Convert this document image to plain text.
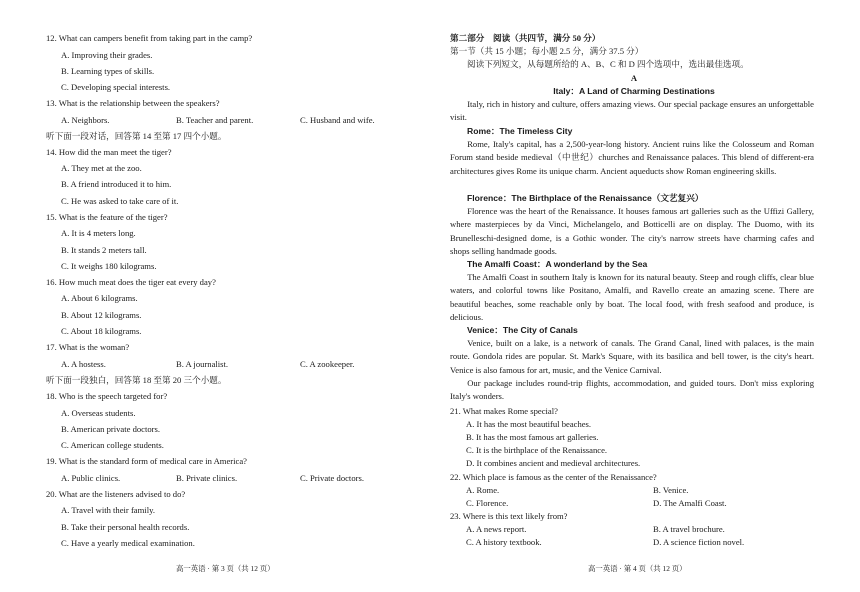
12. What can campers benefit from taking part in the camp?
A. Improving their grades.
B. Learning types of skills.
C. Developing special interests.
13. What is the relationship between the speakers?
A. Neighbors.	B. Teacher and parent.	C. Husband and wife.
听下面一段对话，回答第 14 至第 17 四个小题。
14. How did the man meet the tiger?
A. They met at the zoo.
B. A friend introduced it to him.
C. He was asked to take care of it.
15. What is the feature of the tiger?
A. It is 4 meters long.
B. It stands 2 meters tall.
C. It weighs 180 kilograms.
16. How much meat does the tiger eat every day?
A. About 6 kilograms.
B. About 12 kilograms.
C. About 18 kilograms.
17. What is the woman?
A. A hostess.	B. A journalist.	C. A zookeeper.
听下面一段独白，回答第 18 至第 20 三个小题。
18. Who is the speech targeted for?
A. Overseas students.
B. American private doctors.
C. American college students.
19. What is the standard form of medical care in America?
A. Public clinics.	B. Private clinics.	C. Private doctors.
20. What are the listeners advised to do?
A. Travel with their family.
B. Take their personal health records.
C. Have a yearly medical examination.
高一英语 · 第 3 页（共 12 页）
第二部分　阅读（共四节，满分 50 分）
第一节（共 15 小题；每小题 2.5 分，满分 37.5 分）
阅读下列短文，从每题所给的 A、B、C 和 D 四个选项中，选出最佳选项。
A
Italy：A Land of Charming Destinations
Italy, rich in history and culture, offers amazing views. Our special package ensures an unforgettable visit.
Rome：The Timeless City
Rome, Italy's capital, has a 2,500-year-long history. Ancient ruins like the Colosseum and Roman Forum stand beside medieval（中世纪）churches and Renaissance palaces. This blend of different-era architectures gives Rome its unique charm. Ancient aqueducts show Roman engineering skills.
Florence：The Birthplace of the Renaissance（文艺复兴）
Florence was the heart of the Renaissance. It houses famous art galleries such as the Uffizi Gallery, where masterpieces by da Vinci, Michelangelo, and Botticelli are on display. The Duomo, with its Brunelleschi-designed dome, is a Gothic wonder. The city's narrow streets have charming cafes and shops selling handmade goods.
The Amalfi Coast：A wonderland by the Sea
The Amalfi Coast in southern Italy is known for its natural beauty. Steep and rough cliffs, clear blue waters, and colorful towns like Positano, Amalfi, and Ravello create an amazing scene. There are beautiful beaches, some reachable only by boat. The local food, with fresh seafood and produce, is delicious.
Venice：The City of Canals
Venice, built on a lake, is a network of canals. The Grand Canal, lined with palaces, is the main route. Gondola rides are popular. St. Mark's Square, with its basilica and bell tower, is the city's heart. Venice is also famous for art, music, and the Venice Carnival.
Our package includes round-trip flights, accommodation, and guided tours. Don't miss exploring Italy's wonders.
21. What makes Rome special?
A. It has the most beautiful beaches.
B. It has the most famous art galleries.
C. It is the birthplace of the Renaissance.
D. It combines ancient and medieval architectures.
22. Which place is famous as the center of the Renaissance?
A. Rome.	B. Venice.
C. Florence.	D. The Amalfi Coast.
23. Where is this text likely from?
A. A news report.	B. A travel brochure.
C. A history textbook.	D. A science fiction novel.
高一英语 · 第 4 页（共 12 页）
